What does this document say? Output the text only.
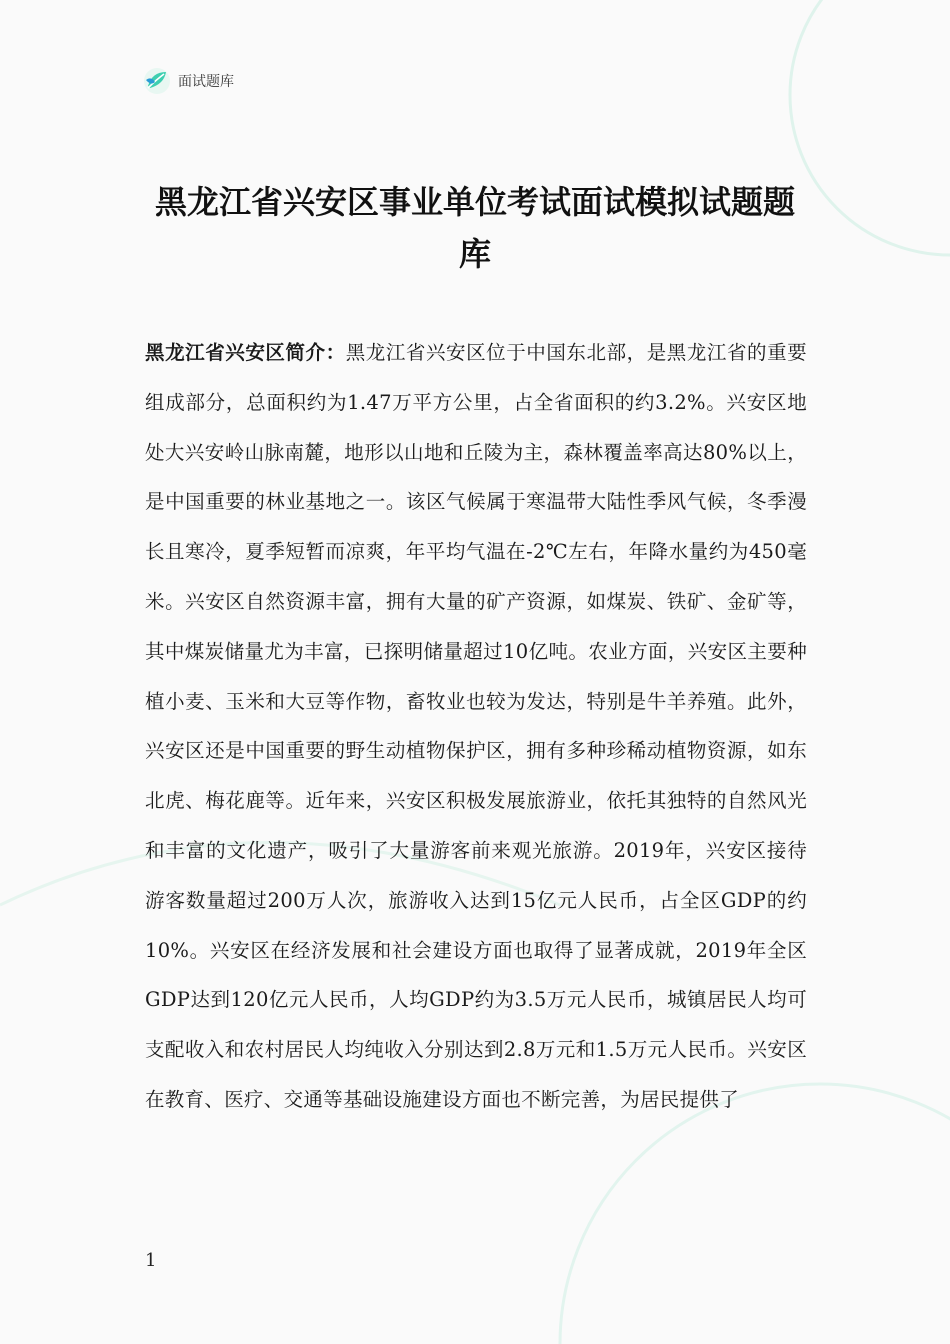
面试题库
黑龙江省兴安区事业单位考试面试模拟试题题库

黑龙江省兴安区简介：黑龙江省兴安区位于中国东北部，是黑龙江省的重要组成部分，总面积约为1.47万平方公里，占全省面积的约3.2%。兴安区地处大兴安岭山脉南麓，地形以山地和丘陵为主，森林覆盖率高达80%以上，是中国重要的林业基地之一。该区气候属于寒温带大陆性季风气候，冬季漫长且寒冷，夏季短暂而凉爽，年平均气温在-2℃左右，年降水量约为450毫米。兴安区自然资源丰富，拥有大量的矿产资源，如煤炭、铁矿、金矿等，其中煤炭储量尤为丰富，已探明储量超过10亿吨。农业方面，兴安区主要种植小麦、玉米和大豆等作物，畜牧业也较为发达，特别是牛羊养殖。此外，兴安区还是中国重要的野生动植物保护区，拥有多种珍稀动植物资源，如东北虎、梅花鹿等。近年来，兴安区积极发展旅游业，依托其独特的自然风光和丰富的文化遗产，吸引了大量游客前来观光旅游。2019年，兴安区接待游客数量超过200万人次，旅游收入达到15亿元人民币，占全区GDP的约10%。兴安区在经济发展和社会建设方面也取得了显著成就，2019年全区GDP达到120亿元人民币，人均GDP约为3.5万元人民币，城镇居民人均可支配收入和农村居民人均纯收入分别达到2.8万元和1.5万元人民币。兴安区在教育、医疗、交通等基础设施建设方面也不断完善，为居民提供了

1
